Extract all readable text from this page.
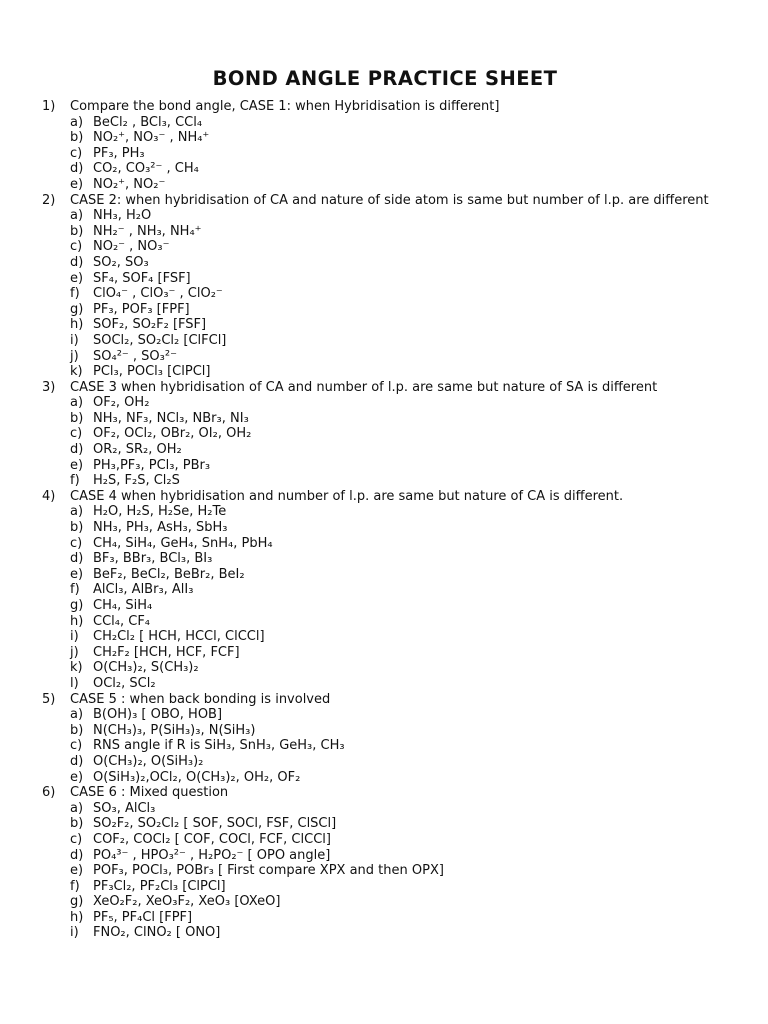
BOND ANGLE PRACTICE SHEET
1)	Compare the bond angle, CASE 1: when Hybridisation is different]
a) BeCl₂ , BCl₃, CCl₄
b) NO₂⁺, NO₃⁻ , NH₄⁺
c) PF₃, PH₃
d) CO₂, CO₃²⁻ , CH₄
e) NO₂⁺, NO₂⁻
2)	CASE 2: when hybridisation of CA and nature of side atom is same but number of l.p. are different
a) NH₃, H₂O
b) NH₂⁻ , NH₃, NH₄⁺
c) NO₂⁻ , NO₃⁻
d) SO₂, SO₃
e) SF₄, SOF₄ [FSF]
f)	ClO₄⁻ , ClO₃⁻ , ClO₂⁻
g) PF₃, POF₃ [FPF]
h) SOF₂, SO₂F₂ [FSF]
i)	SOCl₂, SO₂Cl₂ [ClFCl]
j)	SO₄²⁻ , SO₃²⁻
k) PCl₃, POCl₃ [ClPCl]
3)	CASE 3 when hybridisation of CA and number of l.p. are same but nature of SA is different
a) OF₂, OH₂
b) NH₃, NF₃, NCl₃, NBr₃, NI₃
c) OF₂, OCl₂, OBr₂, OI₂, OH₂
d) OR₂, SR₂, OH₂
e) PH₃,PF₃, PCl₃, PBr₃
f)	H₂S, F₂S, Cl₂S
4)	CASE 4 when hybridisation and number of l.p. are same but nature of CA is different.
a) H₂O, H₂S, H₂Se, H₂Te
b) NH₃, PH₃, AsH₃, SbH₃
c) CH₄, SiH₄, GeH₄, SnH₄, PbH₄
d) BF₃, BBr₃, BCl₃, BI₃
e) BeF₂, BeCl₂, BeBr₂, BeI₂
f)	AlCl₃, AlBr₃, AlI₃
g) CH₄, SiH₄
h) CCl₄, CF₄
i)	CH₂Cl₂ [ HCH, HCCl, ClCCl]
j)	CH₂F₂ [HCH, HCF, FCF]
k) O(CH₃)₂, S(CH₃)₂
l)	OCl₂, SCl₂
5)	CASE 5 : when back bonding is involved
a) B(OH)₃ [ OBO, HOB]
b) N(CH₃)₃, P(SiH₃)₃, N(SiH₃)
c) RNS angle if R is SiH₃, SnH₃, GeH₃, CH₃
d) O(CH₃)₂, O(SiH₃)₂
e) O(SiH₃)₂,OCl₂, O(CH₃)₂, OH₂, OF₂
6)	CASE 6 : Mixed question
a) SO₃, AlCl₃
b) SO₂F₂, SO₂Cl₂ [ SOF, SOCl, FSF, ClSCl]
c) COF₂, COCl₂ [ COF, COCl, FCF, ClCCl]
d) PO₄³⁻ , HPO₃²⁻ , H₂PO₂⁻ [ OPO angle]
e) POF₃, POCl₃, POBr₃ [ First compare XPX and then OPX]
f)	PF₃Cl₂, PF₂Cl₃ [ClPCl]
g) XeO₂F₂, XeO₃F₂, XeO₃ [OXeO]
h) PF₅, PF₄Cl [FPF]
i)	FNO₂, ClNO₂ [ ONO]
